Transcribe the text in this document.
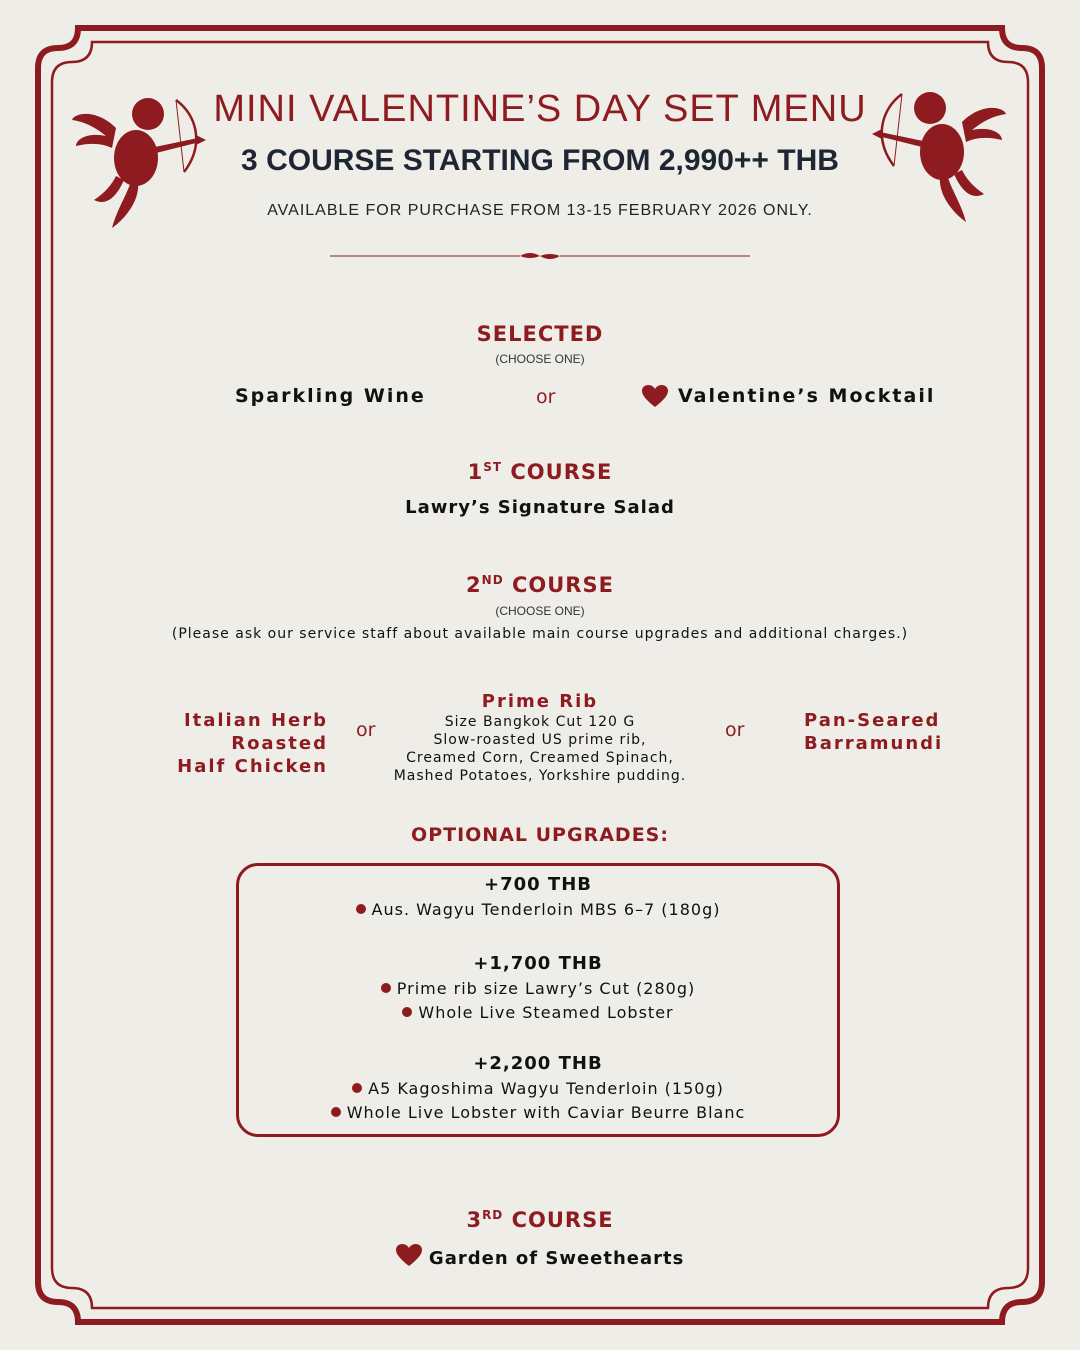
MINI VALENTINE’S DAY SET MENU
3 COURSE STARTING FROM 2,990++ THB
AVAILABLE FOR PURCHASE FROM 13-15 FEBRUARY 2026 ONLY.
SELECTED
(CHOOSE ONE)
Sparkling Wine	or	Valentine’s Mocktail
1ST COURSE
Lawry’s Signature Salad
2ND COURSE
(CHOOSE ONE)
(Please ask our service staff about available main course upgrades and additional charges.)
Italian Herb Roasted
Half Chicken
or
Prime Rib
Size Bangkok Cut 120 G
Slow-roasted US prime rib,
Creamed Corn, Creamed Spinach,
Mashed Potatoes, Yorkshire pudding.
or	Pan-Seared
Barramundi
OPTIONAL UPGRADES:
+700 THB
Aus. Wagyu Tenderloin MBS 6–7 (180g)
+1,700 THB
Prime rib size Lawry’s Cut (280g)
Whole Live Steamed Lobster
+2,200 THB
A5 Kagoshima Wagyu Tenderloin (150g)
Whole Live Lobster with Caviar Beurre Blanc
3RD COURSE
Garden of Sweethearts
